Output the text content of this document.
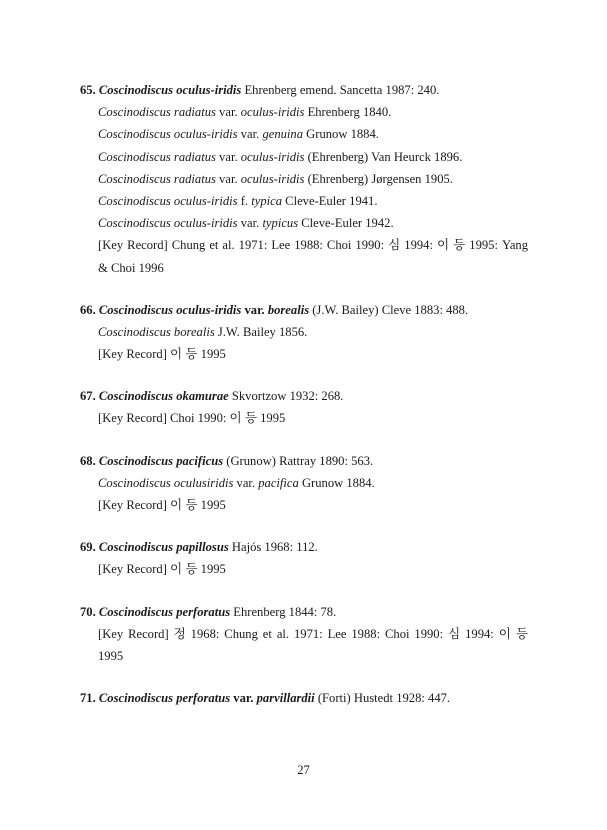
65. Coscinodiscus oculus-iridis Ehrenberg emend. Sancetta 1987: 240.
Coscinodiscus radiatus var. oculus-iridis Ehrenberg 1840.
Coscinodiscus oculus-iridis var. genuina Grunow 1884.
Coscinodiscus radiatus var. oculus-iridis (Ehrenberg) Van Heurck 1896.
Coscinodiscus radiatus var. oculus-iridis (Ehrenberg) Jørgensen 1905.
Coscinodiscus oculus-iridis f. typica Cleve-Euler 1941.
Coscinodiscus oculus-iridis var. typicus Cleve-Euler 1942.
[Key Record] Chung et al. 1971: Lee 1988: Choi 1990: 심 1994: 이 등 1995: Yang & Choi 1996
66. Coscinodiscus oculus-iridis var. borealis (J.W. Bailey) Cleve 1883: 488.
Coscinodiscus borealis J.W. Bailey 1856.
[Key Record] 이 등 1995
67. Coscinodiscus okamurae Skvortzow 1932: 268.
[Key Record] Choi 1990: 이 등 1995
68. Coscinodiscus pacificus (Grunow) Rattray 1890: 563.
Coscinodiscus oculusiridis var. pacifica Grunow 1884.
[Key Record] 이 등 1995
69. Coscinodiscus papillosus Hajós 1968: 112.
[Key Record] 이 등 1995
70. Coscinodiscus perforatus Ehrenberg 1844: 78.
[Key Record] 정 1968: Chung et al. 1971: Lee 1988: Choi 1990: 심 1994: 이 등 1995
71. Coscinodiscus perforatus var. parvillardii (Forti) Hustedt 1928: 447.
27
